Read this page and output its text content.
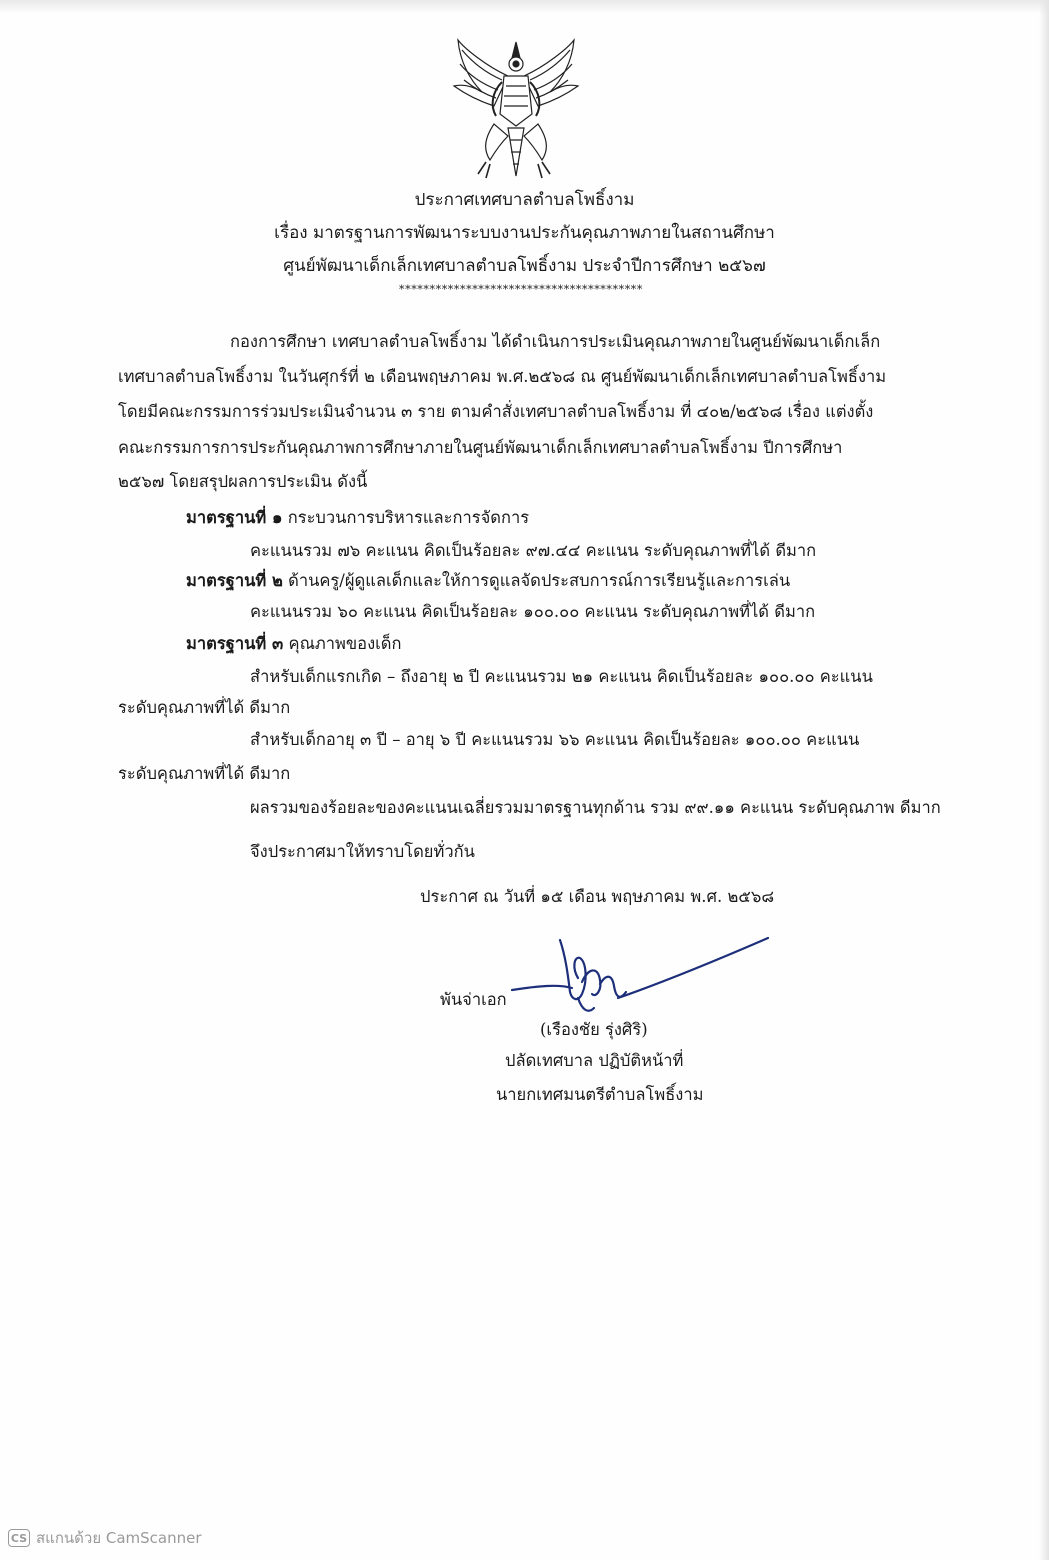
ประกาศเทศบาลตำบลโพธิ์งาม
เรื่อง มาตรฐานการพัฒนาระบบงานประกันคุณภาพภายในสถานศึกษา
ศูนย์พัฒนาเด็กเล็กเทศบาลตำบลโพธิ์งาม ประจำปีการศึกษา ๒๕๖๗
****************************************
กองการศึกษา เทศบาลตำบลโพธิ์งาม ได้ดำเนินการประเมินคุณภาพภายในศูนย์พัฒนาเด็กเล็ก
เทศบาลตำบลโพธิ์งาม ในวันศุกร์ที่ ๒ เดือนพฤษภาคม พ.ศ.๒๕๖๘ ณ ศูนย์พัฒนาเด็กเล็กเทศบาลตำบลโพธิ์งาม
โดยมีคณะกรรมการร่วมประเมินจำนวน ๓ ราย ตามคำสั่งเทศบาลตำบลโพธิ์งาม ที่ ๔๐๒/๒๕๖๘ เรื่อง แต่งตั้ง
คณะกรรมการการประกันคุณภาพการศึกษาภายในศูนย์พัฒนาเด็กเล็กเทศบาลตำบลโพธิ์งาม ปีการศึกษา
๒๕๖๗ โดยสรุปผลการประเมิน ดังนี้
มาตรฐานที่ ๑ กระบวนการบริหารและการจัดการ
คะแนนรวม ๗๖ คะแนน คิดเป็นร้อยละ ๙๗.๔๔ คะแนน ระดับคุณภาพที่ได้ ดีมาก
มาตรฐานที่ ๒ ด้านครู/ผู้ดูแลเด็กและให้การดูแลจัดประสบการณ์การเรียนรู้และการเล่น
คะแนนรวม ๖๐ คะแนน คิดเป็นร้อยละ ๑๐๐.๐๐ คะแนน ระดับคุณภาพที่ได้ ดีมาก
มาตรฐานที่ ๓ คุณภาพของเด็ก
สำหรับเด็กแรกเกิด – ถึงอายุ ๒ ปี คะแนนรวม ๒๑ คะแนน คิดเป็นร้อยละ ๑๐๐.๐๐ คะแนน
ระดับคุณภาพที่ได้ ดีมาก
สำหรับเด็กอายุ ๓ ปี – อายุ ๖ ปี คะแนนรวม ๖๖ คะแนน คิดเป็นร้อยละ ๑๐๐.๐๐ คะแนน
ระดับคุณภาพที่ได้ ดีมาก
ผลรวมของร้อยละของคะแนนเฉลี่ยรวมมาตรฐานทุกด้าน รวม ๙๙.๑๑ คะแนน ระดับคุณภาพ ดีมาก
จึงประกาศมาให้ทราบโดยทั่วกัน
ประกาศ ณ วันที่ ๑๕ เดือน พฤษภาคม พ.ศ. ๒๕๖๘
พันจ่าเอก
(เรืองชัย รุ่งศิริ)
ปลัดเทศบาล ปฏิบัติหน้าที่
นายกเทศมนตรีตำบลโพธิ์งาม
CS สแกนด้วย CamScanner
